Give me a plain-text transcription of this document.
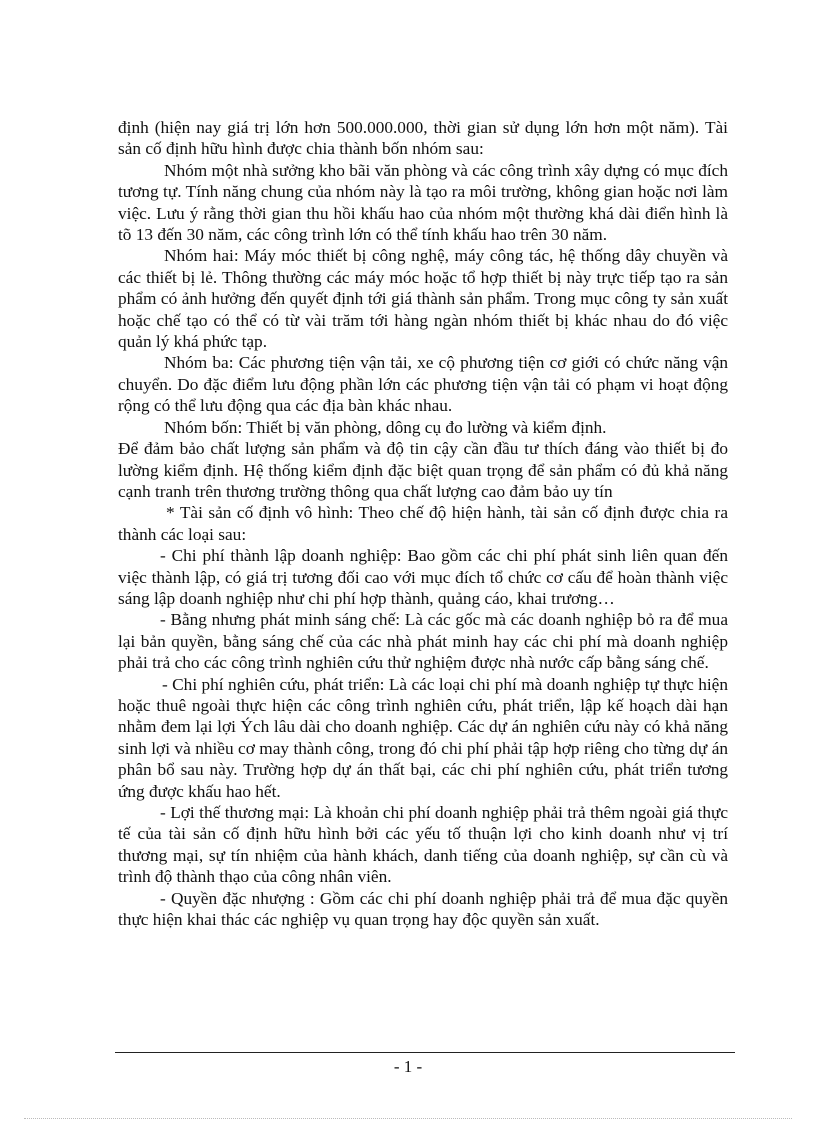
định (hiện nay giá trị lớn hơn 500.000.000, thời gian sử dụng lớn hơn một năm). Tài sản cố định hữu hình được chia thành bốn nhóm sau:

Nhóm một nhà sưởng kho bãi văn phòng và các công trình xây dựng có mục đích tương tự. Tính năng chung của nhóm này là tạo ra môi trường, không gian hoặc nơi làm việc. Lưu ý rằng thời gian thu hồi khấu hao của nhóm một thường khá dài điển hình là tõ 13 đến 30 năm, các công trình lớn có thể tính khấu hao trên 30 năm.

Nhóm hai: Máy móc thiết bị công nghệ, máy công tác, hệ thống dây chuyền và các thiết bị lẻ. Thông thường các máy móc hoặc tổ hợp thiết bị này trực tiếp tạo ra sản phẩm có ảnh hưởng đến quyết định tới giá thành sản phẩm. Trong mục công ty sản xuất hoặc chế tạo có thể có từ vài trăm tới hàng ngàn nhóm thiết bị khác nhau do đó việc quản lý khá phức tạp.

Nhóm ba: Các phương tiện vận tải, xe cộ phương tiện cơ giới có chức năng vận chuyển. Do đặc điểm lưu động phần lớn các phương tiện vận tải có phạm vi hoạt động rộng có thể lưu động qua các địa bàn khác nhau.

Nhóm bốn: Thiết bị văn phòng, dông cụ đo lường và kiểm định.

Để đảm bảo chất lượng sản phẩm và độ tin cậy cần đầu tư thích đáng vào thiết bị đo lường kiểm định. Hệ thống kiểm định đặc biệt quan trọng để sản phẩm có đủ khả năng cạnh tranh trên thương trường thông qua chất lượng cao đảm bảo uy tín

* Tài sản cố định vô hình: Theo chế độ hiện hành, tài sản cố định được chia ra thành các loại sau:

- Chi phí thành lập doanh nghiệp: Bao gồm các chi phí phát sinh liên quan đến việc thành lập, có giá trị tương đối cao với mục đích tổ chức cơ cấu để hoàn thành việc sáng lập doanh nghiệp như chi phí hợp thành, quảng cáo, khai trương…

- Bằng nhưng phát minh sáng chế: Là các gốc mà các doanh nghiệp bỏ ra để mua lại bản quyền, bằng sáng chế của các nhà phát minh hay các chi phí mà doanh nghiệp phải trả cho các công trình nghiên cứu thử nghiệm được nhà nước cấp bằng sáng chế.

- Chi phí nghiên cứu, phát triển: Là các loại chi phí mà doanh nghiệp tự thực hiện hoặc thuê ngoài thực hiện các công trình nghiên cứu, phát triển, lập kế hoạch dài hạn nhằm đem lại lợi Ých lâu dài cho doanh nghiệp. Các dự án nghiên cứu này có khả năng sinh lợi và nhiều cơ may thành công, trong đó chi phí phải tập hợp riêng cho từng dự án phân bổ sau này. Trường hợp dự án thất bại, các chi phí nghiên cứu, phát triển tương ứng được khấu hao hết.

- Lợi thế thương mại: Là khoản chi phí doanh nghiệp phải trả thêm ngoài giá thực tế của tài sản cố định hữu hình bởi các yếu tố thuận lợi cho kinh doanh như vị trí thương mại, sự tín nhiệm của hành khách, danh tiếng của doanh nghiệp, sự cần cù và trình độ thành thạo của công nhân viên.

- Quyền đặc nhượng : Gồm các chi phí doanh nghiệp phải trả để mua đặc quyền thực hiện khai thác các nghiệp vụ quan trọng hay độc quyền sản xuất.

- 1 -
